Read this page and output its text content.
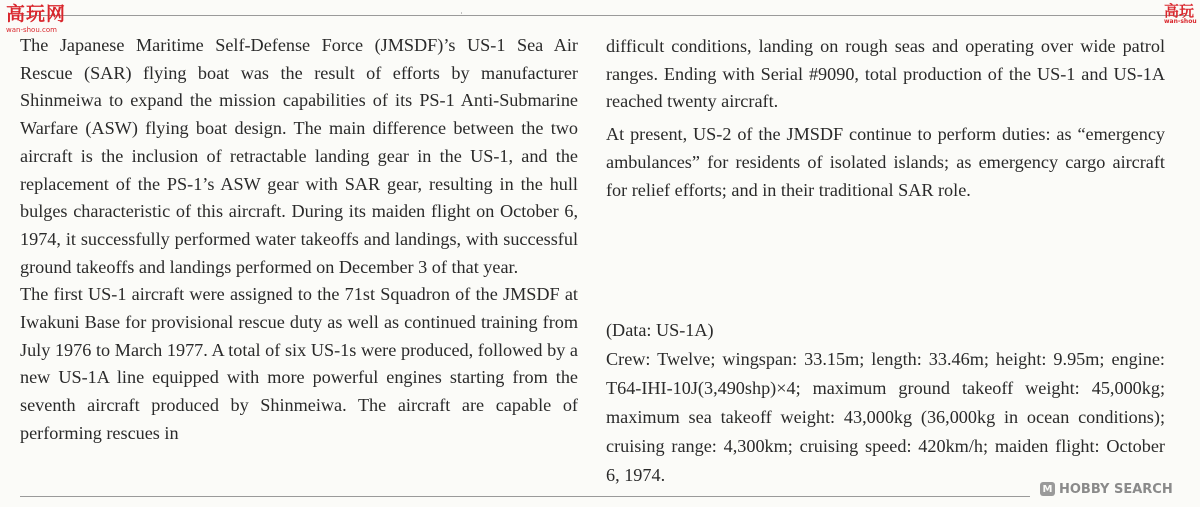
˙
高玩网
wan-shou.com
高玩
wan-shou

The Japanese Maritime Self-Defense Force (JMSDF)’s US-1 Sea Air Rescue (SAR) flying boat was the result of efforts by manufacturer Shinmeiwa to expand the mission capabilities of its PS-1 Anti-Submarine Warfare (ASW) flying boat design. The main difference between the two aircraft is the inclusion of retractable landing gear in the US-1, and the replacement of the PS-1’s ASW gear with SAR gear, resulting in the hull bulges characteristic of this aircraft. During its maiden flight on October 6, 1974, it successfully performed water takeoffs and landings, with successful ground takeoffs and landings performed on December 3 of that year.

The first US-1 aircraft were assigned to the 71st Squadron of the JMSDF at Iwakuni Base for provisional rescue duty as well as continued training from July 1976 to March 1977. A total of six US-1s were produced, followed by a new US-1A line equipped with more powerful engines starting from the seventh aircraft produced by Shinmeiwa. The aircraft are capable of performing rescues in

difficult conditions, landing on rough seas and operating over wide patrol ranges. Ending with Serial #9090, total production of the US-1 and US-1A reached twenty aircraft.

At present, US-2 of the JMSDF continue to perform duties: as “emergency ambulances” for residents of isolated islands; as emergency cargo aircraft for relief efforts; and in their traditional SAR role.

(Data: US-1A)

Crew: Twelve; wingspan: 33.15m; length: 33.46m; height: 9.95m; engine: T64-IHI-10J(3,490shp)×4; maximum ground takeoff weight: 45,000kg; maximum sea takeoff weight: 43,000kg (36,000kg in ocean conditions); cruising range: 4,300km; cruising speed: 420km/h; maiden flight: October 6, 1974.

M HOBBY SEARCH
